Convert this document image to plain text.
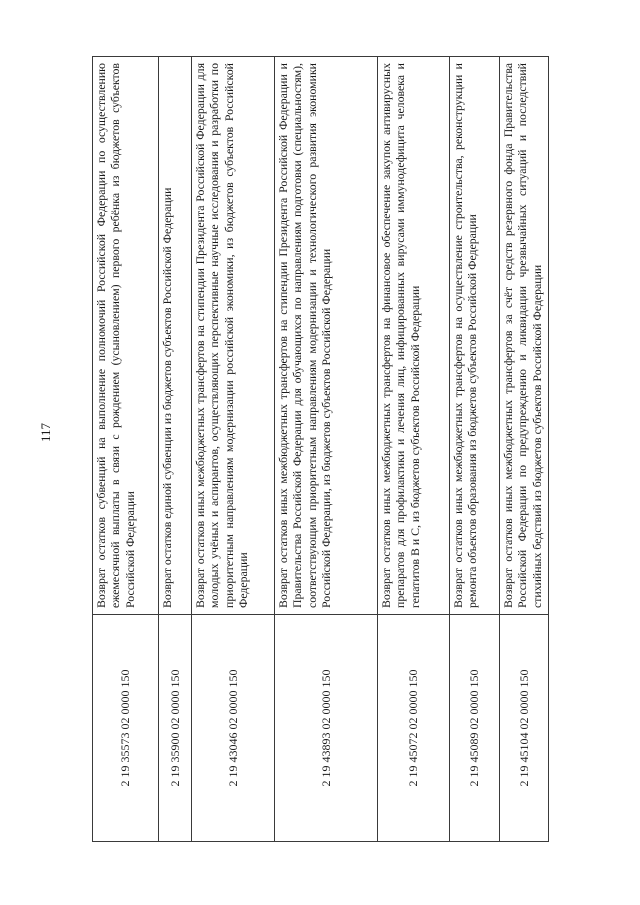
117
2 19 35573 02 0000 150	Возврат остатков субвенций на выполнение полномочий Российской Федерации по осуществлению ежемесячной выплаты в связи с рождением (усыновлением) первого ребёнка из бюджетов субъектов Российской Федерации
2 19 35900 02 0000 150	Возврат остатков единой субвенции из бюджетов субъектов Российской Федерации
2 19 43046 02 0000 150	Возврат остатков иных межбюджетных трансфертов на стипендии Президента Российской Федерации для молодых учёных и аспирантов, осуществляющих перспективные научные исследования и разработки по приоритетным направлениям модернизации российской экономики, из бюджетов субъектов Российской Федерации
2 19 43893 02 0000 150	Возврат остатков иных межбюджетных трансфертов на стипендии Президента Российской Федерации и Правительства Российской Федерации для обучающихся по направлениям подготовки (специальностям), соответствующим приоритетным направлениям модернизации и технологического развития экономики Российской Федерации, из бюджетов субъектов Российской Федерации
2 19 45072 02 0000 150	Возврат остатков иных межбюджетных трансфертов на финансовое обеспечение закупок антивирусных препаратов для профилактики и лечения лиц, инфицированных вирусами иммунодефицита человека и гепатитов B и C, из бюджетов субъектов Российской Федерации
2 19 45089 02 0000 150	Возврат остатков иных межбюджетных трансфертов на осуществление строительства, реконструкции и ремонта объектов образования из бюджетов субъектов Российской Федерации
2 19 45104 02 0000 150	Возврат остатков иных межбюджетных трансфертов за счёт средств резервного фонда Правительства Российской Федерации по предупреждению и ликвидации чрезвычайных ситуаций и последствий стихийных бедствий из бюджетов субъектов Российской Федерации
